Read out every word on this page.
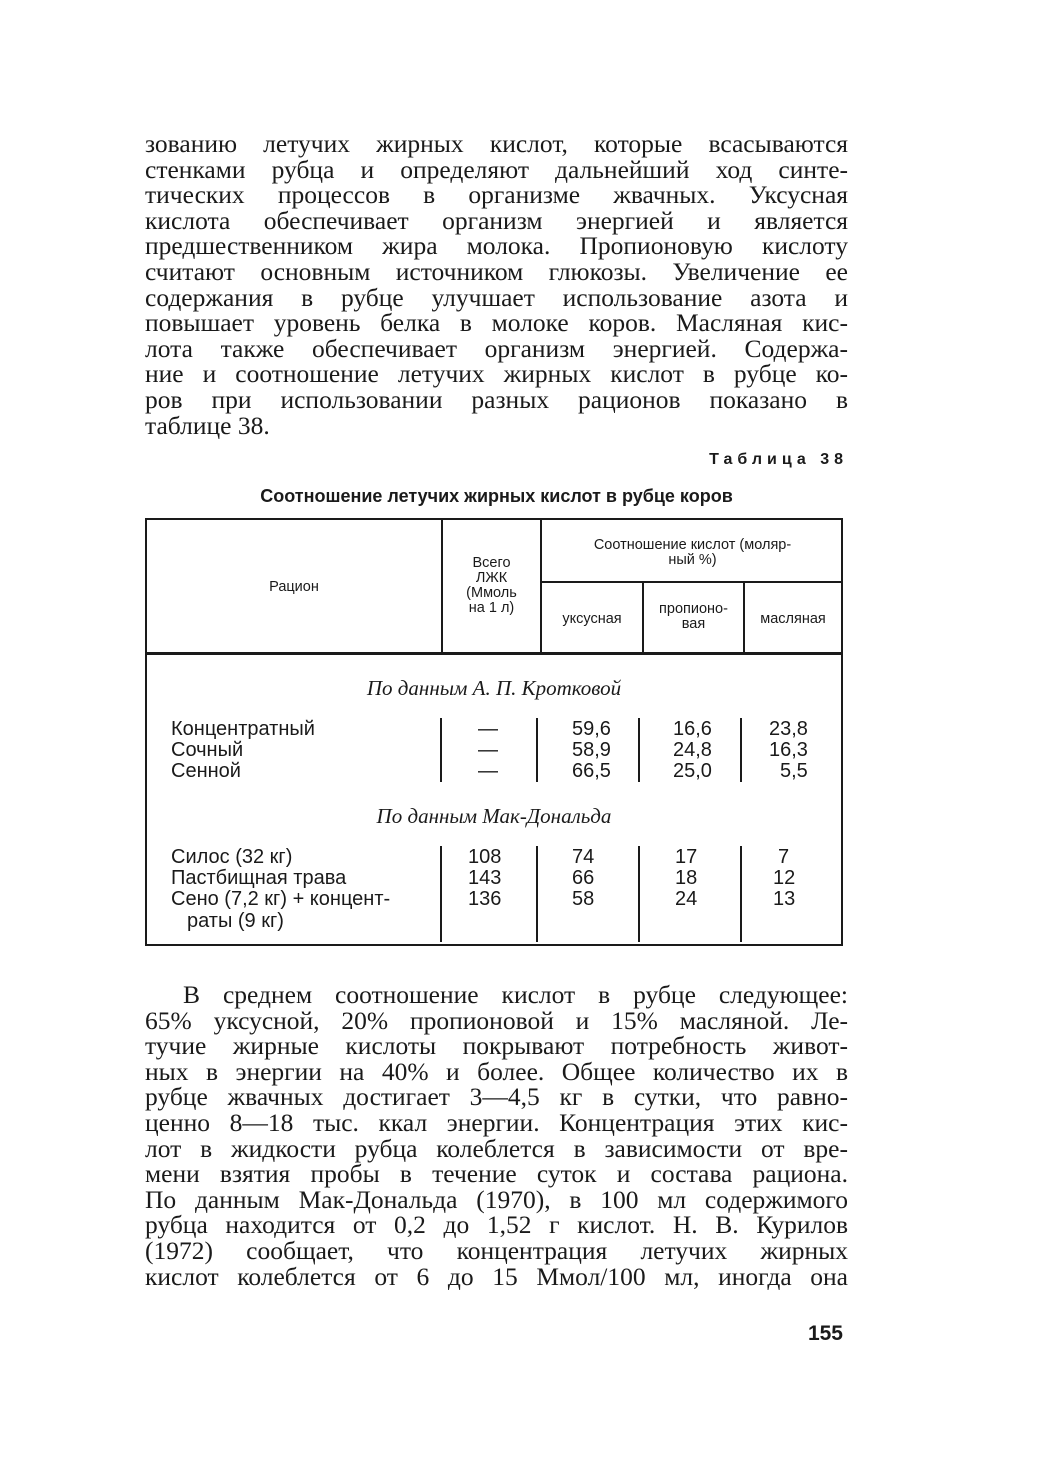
зованию летучих жирных кислот, которые всасываются
стенками рубца и определяют дальнейший ход синте-
тических процессов в организме жвачных. Уксусная
кислота обеспечивает организм энергией и является
предшественником жира молока. Пропионовую кислоту
считают основным источником глюкозы. Увеличение ее
содержания в рубце улучшает использование азота и
повышает уровень белка в молоке коров. Масляная кис-
лота также обеспечивает организм энергией. Содержа-
ние и соотношение летучих жирных кислот в рубце ко-
ров при использовании разных рационов показано в
таблице 38.
Таблица 38
Соотношение летучих жирных кислот в рубце коров
Рацион
Всего
ЛЖК
(Ммоль
на 1 л)
Соотношение кислот (моляр-
ный %)
уксусная
пропионо-
вая	масляная
По данным А. П. Кротковой
Концентратный
Сочный
Сенной
—
—
—
59,6
58,9
66,5
16,6
24,8
25,0
23,8
16,3
5,5
По данным Мак-Дональда
Силос (32 кг)
Пастбищная трава
Сено (7,2 кг) + концент-
раты (9 кг)
108
143
136
74
66
58
17
18
24
7
12
13
В среднем соотношение кислот в рубце следующее:
65% уксусной, 20% пропионовой и 15% масляной. Ле-
тучие жирные кислоты покрывают потребность живот-
ных в энергии на 40% и более. Общее количество их в
рубце жвачных достигает 3—4,5 кг в сутки, что равно-
ценно 8—18 тыс. ккал энергии. Концентрация этих кис-
лот в жидкости рубца колеблется в зависимости от вре-
мени взятия пробы в течение суток и состава рациона.
По данным Мак-Дональда (1970), в 100 мл содержимого
рубца находится от 0,2 до 1,52 г кислот. Н. В. Курилов
(1972) сообщает, что концентрация летучих жирных
кислот колеблется от 6 до 15 Ммол/100 мл, иногда она
155
